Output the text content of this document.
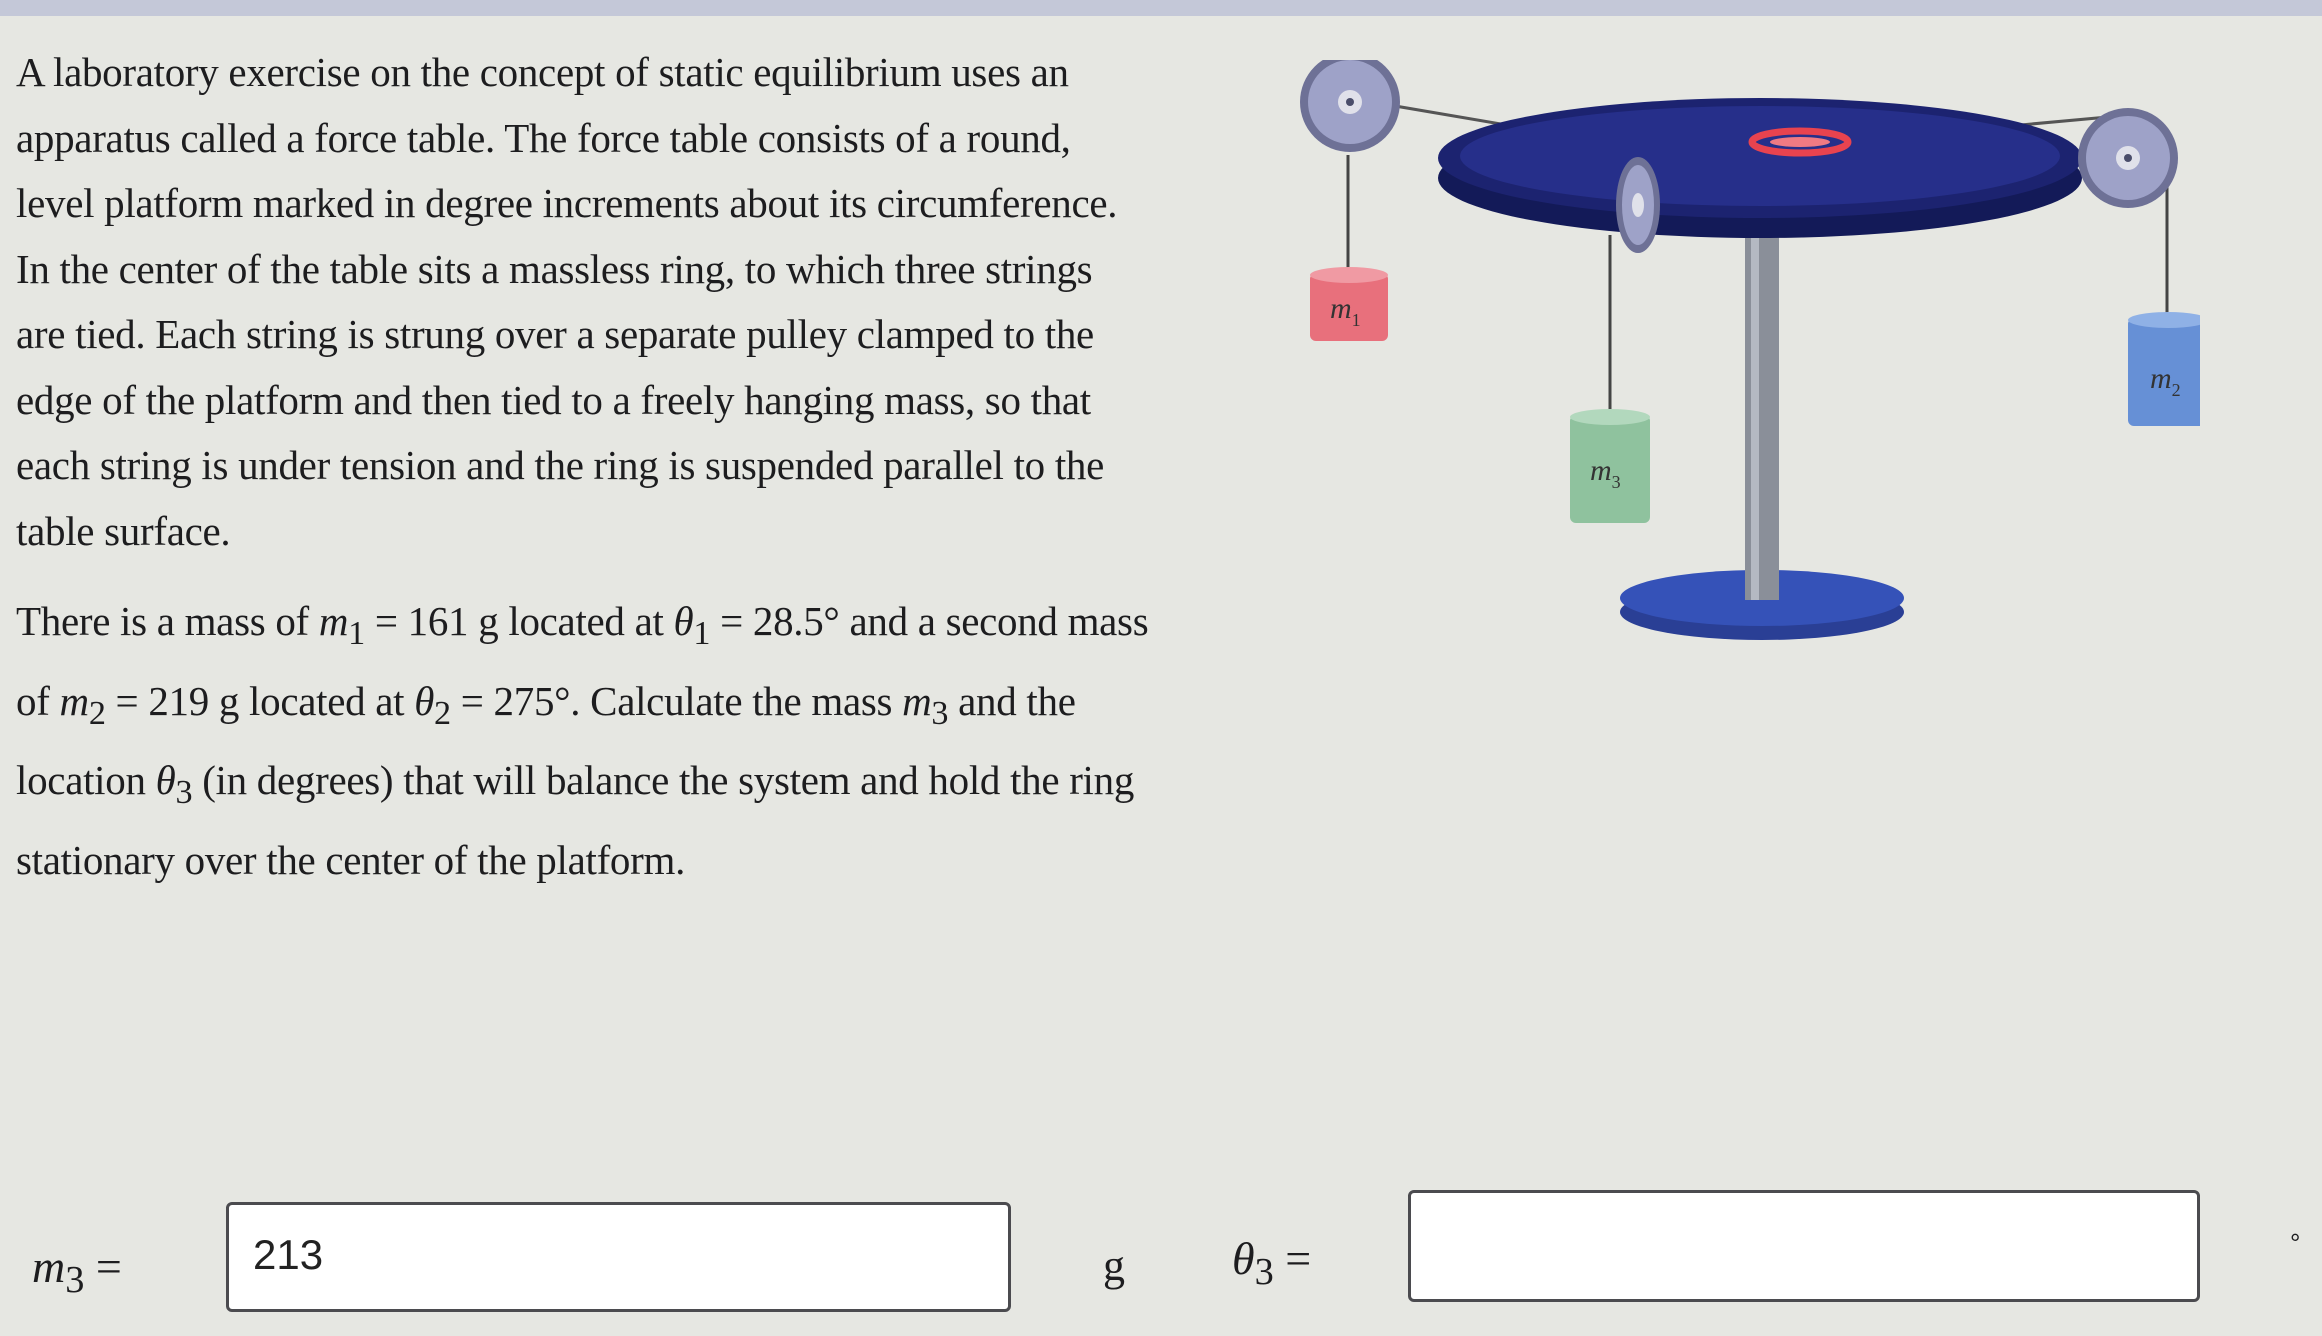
A laboratory exercise on the concept of static equilibrium uses an apparatus called a force table. The force table consists of a round, level platform marked in degree increments about its circumference. In the center of the table sits a massless ring, to which three strings are tied. Each string is strung over a separate pulley clamped to the edge of the platform and then tied to a freely hanging mass, so that each string is under tension and the ring is suspended parallel to the table surface.

There is a mass of $m_1 = 161$ g located at $\theta_1 = 28.5^\circ$ and a second mass of $m_2 = 219$ g located at $\theta_2 = 275^\circ$. Calculate the mass $m_3$ and the location $\theta_3$ (in degrees) that will balance the system and hold the ring stationary over the center of the platform.

$m_1$
$m_2$
$m_3$
$m_3$ =	213	g $\theta_3$ =	°
